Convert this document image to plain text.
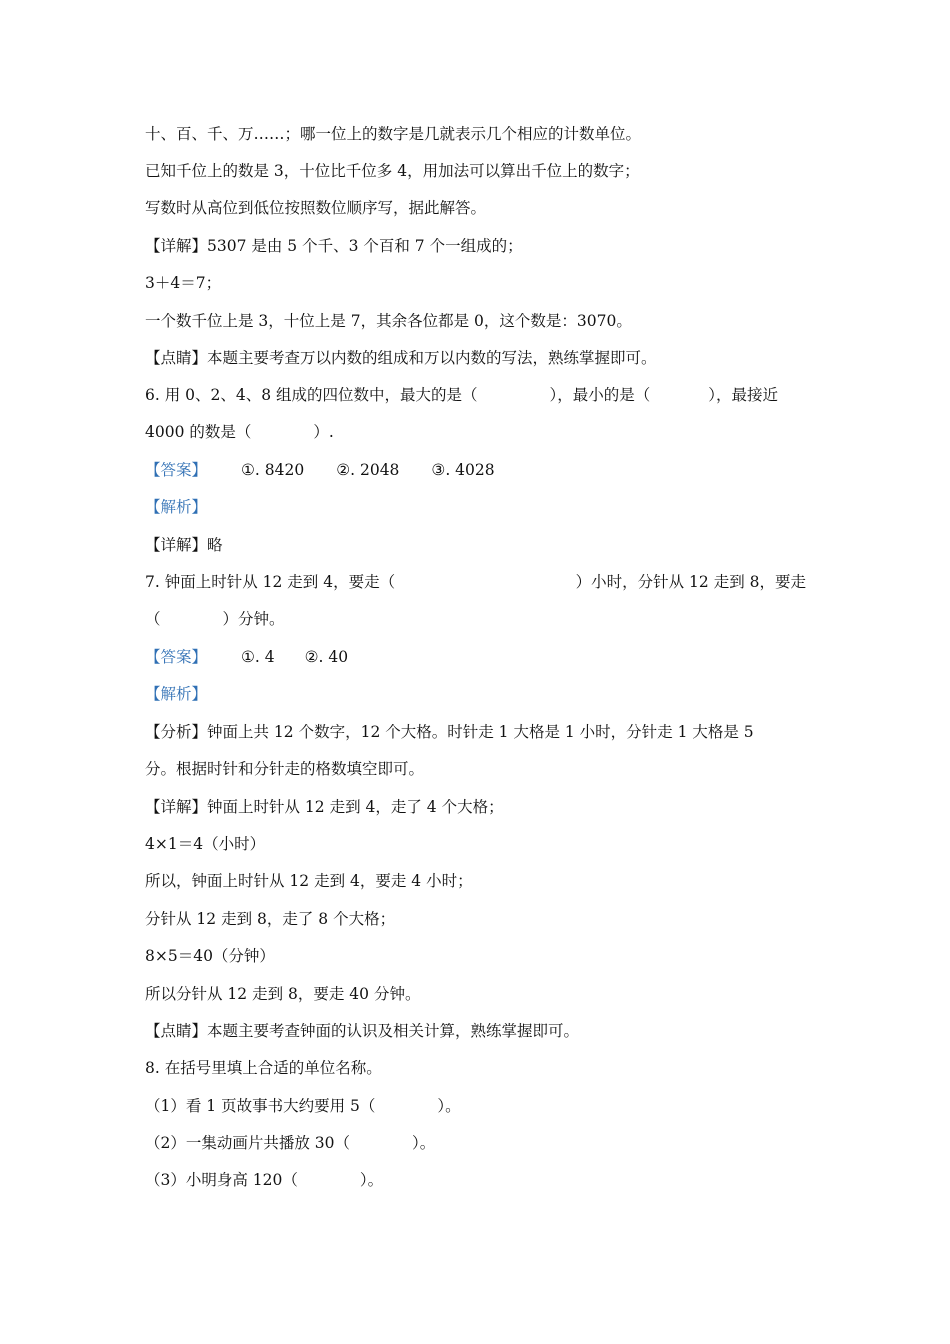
十、百、千、万……；哪一位上的数字是几就表示几个相应的计数单位。
已知千位上的数是 3，十位比千位多 4，用加法可以算出千位上的数字；
写数时从高位到低位按照数位顺序写，据此解答。
【详解】5307 是由 5 个千、3 个百和 7 个一组成的；
3＋4＝7；
一个数千位上是 3，十位上是 7，其余各位都是 0，这个数是：3070。
【点睛】本题主要考查万以内数的组成和万以内数的写法，熟练掌握即可。
6. 用 0、2、4、8 组成的四位数中，最大的是（	），最小的是（	），最接近
4000 的数是（	）.
【答案】 ①. 8420 ②. 2048 ③. 4028
【解析】
【详解】略
7. 钟面上时针从 12 走到 4，要走（	）小时，分针从 12 走到 8，要走
（	）分钟。
【答案】 ①. 4 ②. 40
【解析】
【分析】钟面上共 12 个数字，12 个大格。时针走 1 大格是 1 小时，分针走 1 大格是 5
分。根据时针和分针走的格数填空即可。
【详解】钟面上时针从 12 走到 4，走了 4 个大格；
4×1＝4（小时）
所以，钟面上时针从 12 走到 4，要走 4 小时；
分针从 12 走到 8，走了 8 个大格；
8×5＝40（分钟）
所以分针从 12 走到 8，要走 40 分钟。
【点睛】本题主要考查钟面的认识及相关计算，熟练掌握即可。
8. 在括号里填上合适的单位名称。
（1）看 1 页故事书大约要用 5（	）。
（2）一集动画片共播放 30（	）。
（3）小明身高 120（	）。
